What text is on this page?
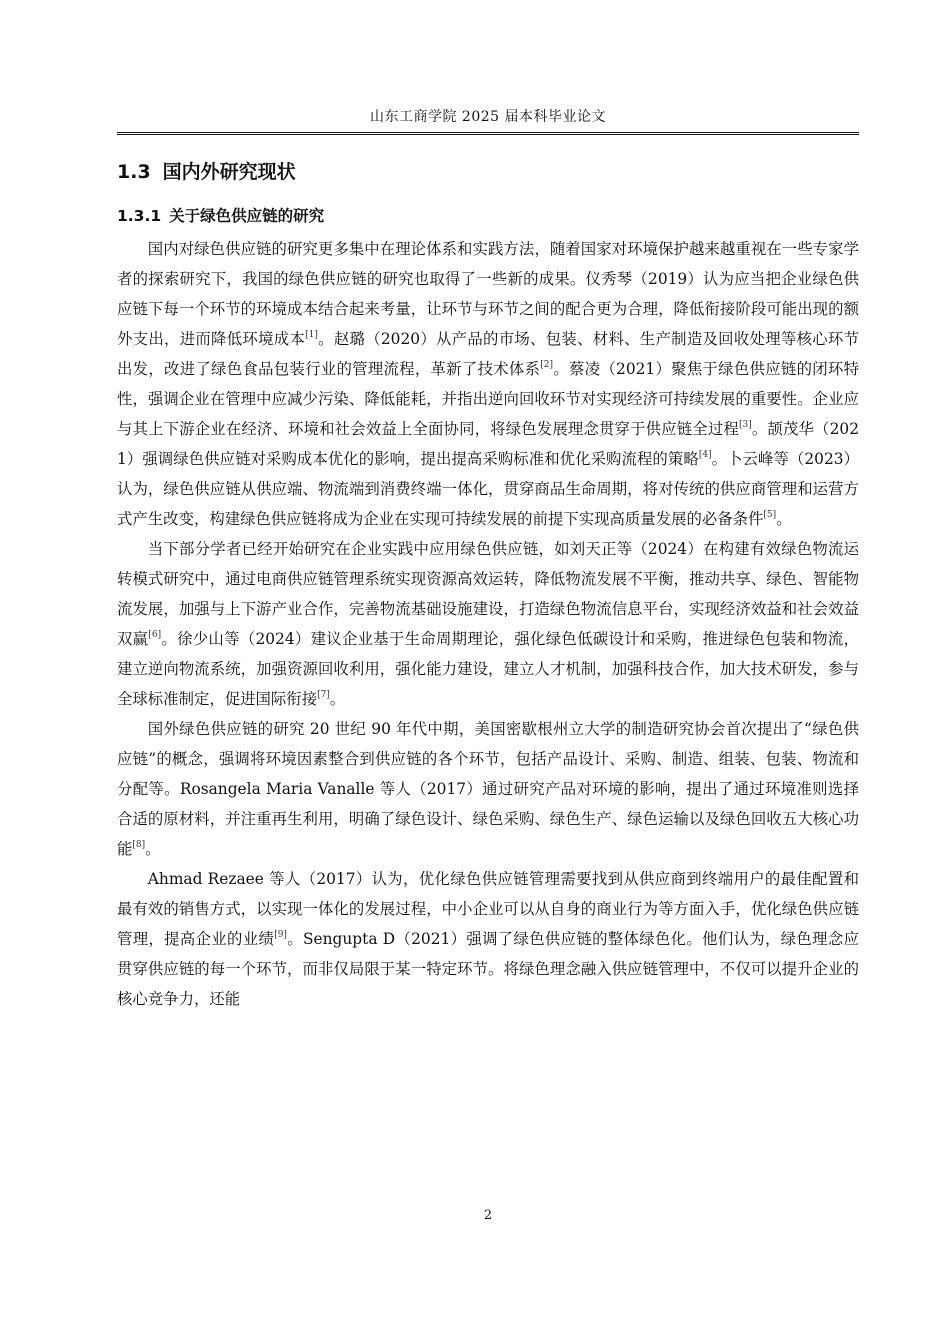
山东工商学院 2025 届本科毕业论文
1.3 国内外研究现状
1.3.1 关于绿色供应链的研究

国内对绿色供应链的研究更多集中在理论体系和实践方法，随着国家对环境保护越来越重视在一些专家学者的探索研究下，我国的绿色供应链的研究也取得了一些新的成果。仪秀琴（2019）认为应当把企业绿色供应链下每一个环节的环境成本结合起来考量，让环节与环节之间的配合更为合理，降低衔接阶段可能出现的额外支出，进而降低环境成本[1]。赵璐（2020）从产品的市场、包装、材料、生产制造及回收处理等核心环节出发，改进了绿色食品包装行业的管理流程，革新了技术体系[2]。蔡凌（2021）聚焦于绿色供应链的闭环特性，强调企业在管理中应减少污染、降低能耗，并指出逆向回收环节对实现经济可持续发展的重要性。企业应与其上下游企业在经济、环境和社会效益上全面协同，将绿色发展理念贯穿于供应链全过程[3]。颉茂华（2021）强调绿色供应链对采购成本优化的影响，提出提高采购标准和优化采购流程的策略[4]。卜云峰等（2023）认为，绿色供应链从供应端、物流端到消费终端一体化，贯穿商品生命周期，将对传统的供应商管理和运营方式产生改变，构建绿色供应链将成为企业在实现可持续发展的前提下实现高质量发展的必备条件[5]。

当下部分学者已经开始研究在企业实践中应用绿色供应链，如刘天正等（2024）在构建有效绿色物流运转模式研究中，通过电商供应链管理系统实现资源高效运转，降低物流发展不平衡，推动共享、绿色、智能物流发展，加强与上下游产业合作，完善物流基础设施建设，打造绿色物流信息平台，实现经济效益和社会效益双赢[6]。徐少山等（2024）建议企业基于生命周期理论，强化绿色低碳设计和采购，推进绿色包装和物流，建立逆向物流系统，加强资源回收利用，强化能力建设，建立人才机制，加强科技合作，加大技术研发，参与全球标准制定，促进国际衔接[7]。

国外绿色供应链的研究 20 世纪 90 年代中期，美国密歇根州立大学的制造研究协会首次提出了“绿色供应链”的概念，强调将环境因素整合到供应链的各个环节，包括产品设计、采购、制造、组装、包装、物流和分配等。Rosangela Maria Vanalle 等人（2017）通过研究产品对环境的影响，提出了通过环境准则选择合适的原材料，并注重再生利用，明确了绿色设计、绿色采购、绿色生产、绿色运输以及绿色回收五大核心功能[8]。

Ahmad Rezaee 等人（2017）认为，优化绿色供应链管理需要找到从供应商到终端用户的最佳配置和最有效的销售方式，以实现一体化的发展过程，中小企业可以从自身的商业行为等方面入手，优化绿色供应链管理，提高企业的业绩[9]。Sengupta D（2021）强调了绿色供应链的整体绿色化。他们认为，绿色理念应贯穿供应链的每一个环节，而非仅局限于某一特定环节。将绿色理念融入供应链管理中，不仅可以提升企业的核心竞争力，还能

2
